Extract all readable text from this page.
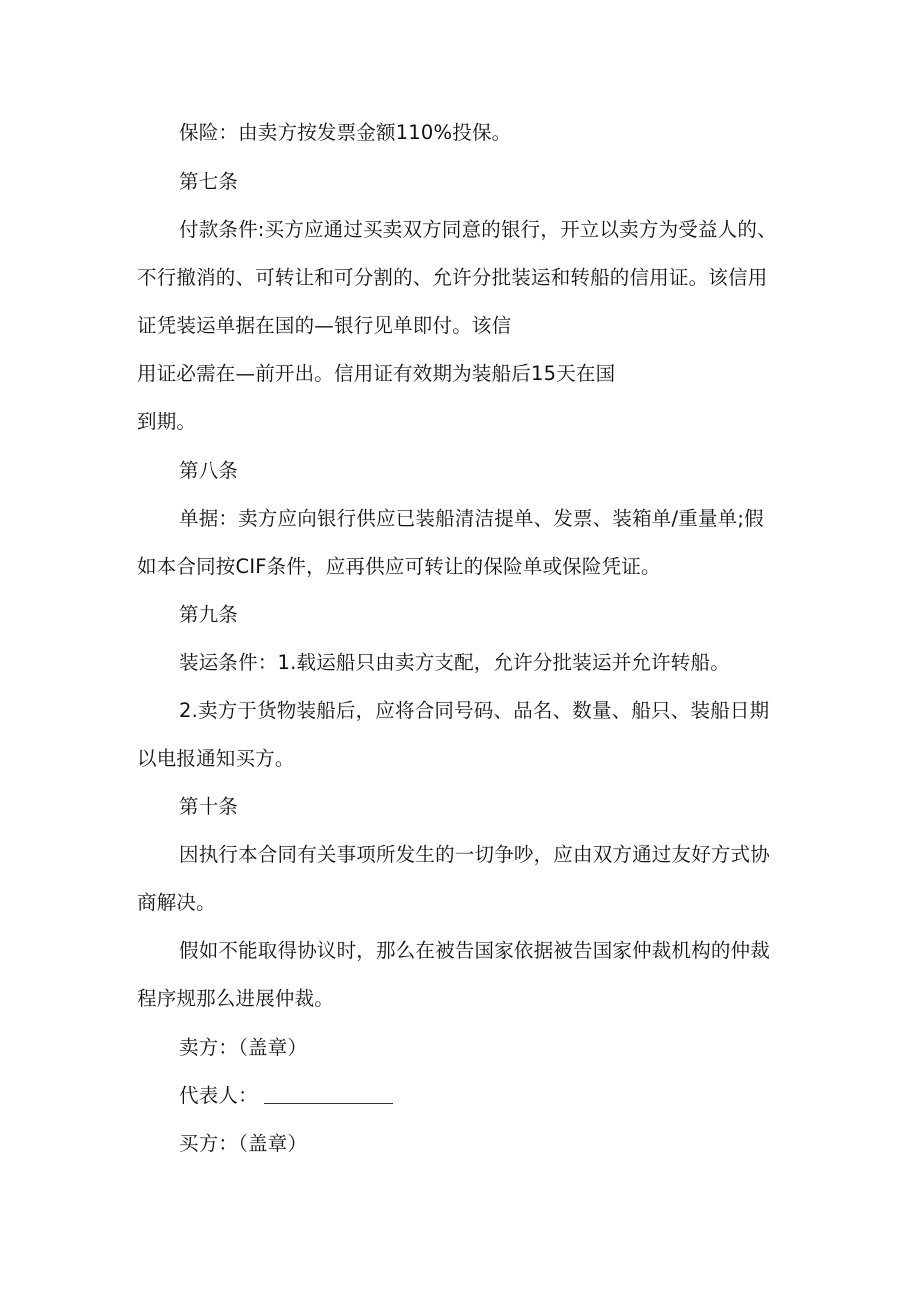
保险：由卖方按发票金额110%投保。
第七条
付款条件:买方应通过买卖双方同意的银行，开立以卖方为受益人的、
不行撤消的、可转让和可分割的、允许分批装运和转船的信用证。该信用
证凭装运单据在国的—银行见单即付。该信
用证必需在—前开出。信用证有效期为装船后15天在国
到期。
第八条
单据：卖方应向银行供应已装船清洁提单、发票、装箱单/重量单;假
如本合同按CIF条件，应再供应可转让的保险单或保险凭证。
第九条
装运条件：1.载运船只由卖方支配，允许分批装运并允许转船。
2.卖方于货物装船后，应将合同号码、品名、数量、船只、装船日期
以电报通知买方。
第十条
因执行本合同有关事项所发生的一切争吵，应由双方通过友好方式协
商解决。
假如不能取得协议时，那么在被告国家依据被告国家仲裁机构的仲裁
程序规那么进展仲裁。
卖方：（盖章）
代表人：
买方：（盖章）
